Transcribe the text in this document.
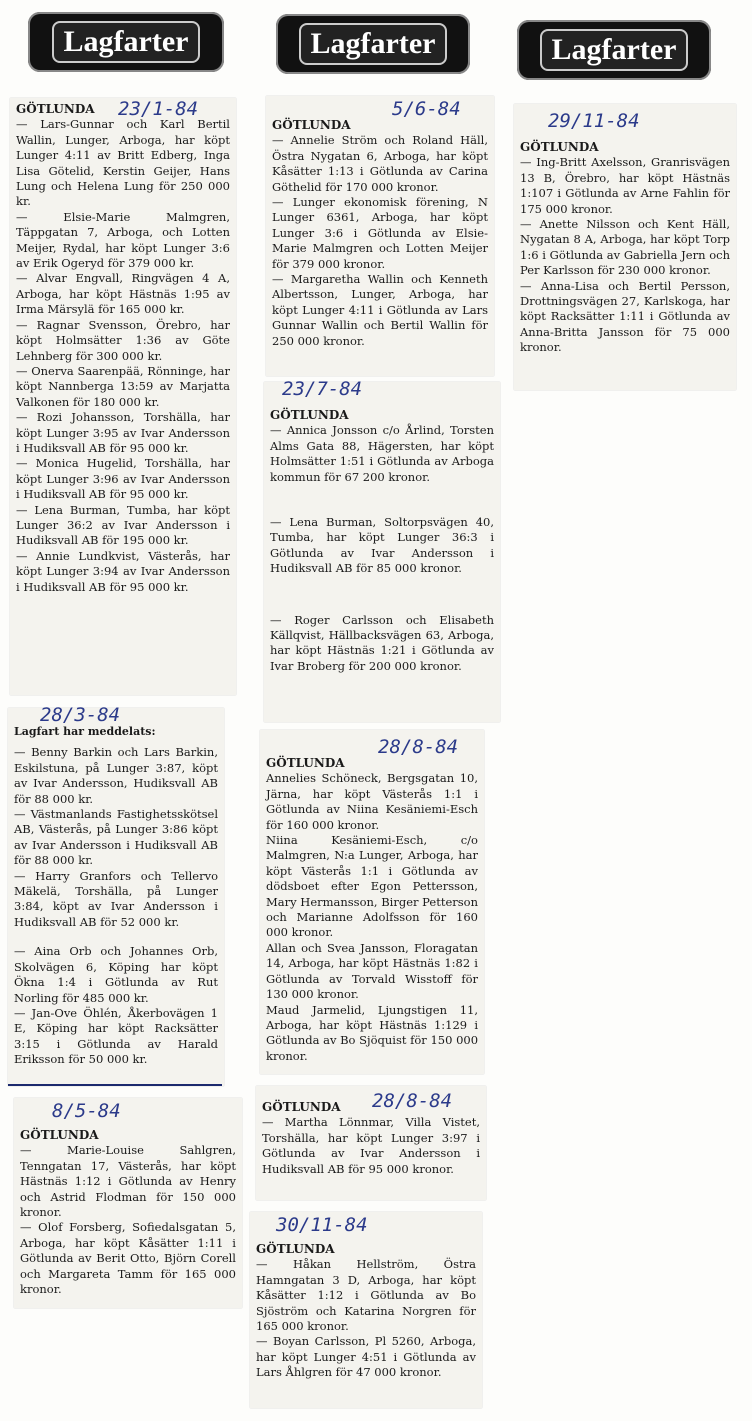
Lagfarter	Lagfarter	Lagfarter
GÖTLUNDA
— Lars-Gunnar och Karl Bertil Wallin, Lunger, Arboga, har köpt Lunger 4:11 av Britt Edberg, Inga Lisa Götelid, Kerstin Geijer, Hans Lung och Helena Lung för 250 000 kr.
— Elsie-Marie Malmgren, Täppgatan 7, Arboga, och Lotten Meijer, Rydal, har köpt Lunger 3:6 av Erik Ogeryd för 379 000 kr.
— Alvar Engvall, Ringvägen 4 A, Arboga, har köpt Hästnäs 1:95 av Irma Märsylä för 165 000 kr.
— Ragnar Svensson, Örebro, har köpt Holmsätter 1:36 av Göte Lehnberg för 300 000 kr.
— Onerva Saarenpää, Rönninge, har köpt Nannberga 13:59 av Marjatta Valkonen för 180 000 kr.
— Rozi Johansson, Torshälla, har köpt Lunger 3:95 av Ivar Andersson i Hudiksvall AB för 95 000 kr.
— Monica Hugelid, Torshälla, har köpt Lunger 3:96 av Ivar Andersson i Hudiksvall AB för 95 000 kr.
— Lena Burman, Tumba, har köpt Lunger 36:2 av Ivar Andersson i Hudiksvall AB för 195 000 kr.
— Annie Lundkvist, Västerås, har köpt Lunger 3:94 av Ivar Andersson i Hudiksvall AB för 95 000 kr.
23/1-84
Lagfart har meddelats:
— Benny Barkin och Lars Barkin, Eskilstuna, på Lunger 3:87, köpt av Ivar Andersson, Hudiksvall AB för 88 000 kr.
— Västmanlands Fastighetsskötsel AB, Västerås, på Lunger 3:86 köpt av Ivar Andersson i Hudiksvall AB för 88 000 kr.
— Harry Granfors och Tellervo Mäkelä, Torshälla, på Lunger 3:84, köpt av Ivar Andersson i Hudiksvall AB för 52 000 kr.
— Aina Orb och Johannes Orb, Skolvägen 6, Köping har köpt Ökna 1:4 i Götlunda av Rut Norling för 485 000 kr.
— Jan-Ove Öhlén, Åkerbovägen 1 E, Köping har köpt Racksätter 3:15 i Götlunda av Harald Eriksson för 50 000 kr.
28/3-84
GÖTLUNDA
— Marie-Louise Sahlgren, Tenngatan 17, Västerås, har köpt Hästnäs 1:12 i Götlunda av Henry och Astrid Flodman för 150 000 kronor.
— Olof Forsberg, Sofiedalsgatan 5, Arboga, har köpt Kåsätter 1:11 i Götlunda av Berit Otto, Björn Corell och Margareta Tamm för 165 000 kronor.
8/5-84
GÖTLUNDA
— Annelie Ström och Roland Häll, Östra Nygatan 6, Arboga, har köpt Kåsätter 1:13 i Götlunda av Carina Göthelid för 170 000 kronor.
— Lunger ekonomisk förening, N Lunger 6361, Arboga, har köpt Lunger 3:6 i Götlunda av Elsie-Marie Malmgren och Lotten Meijer för 379 000 kronor.
— Margaretha Wallin och Kenneth Albertsson, Lunger, Arboga, har köpt Lunger 4:11 i Götlunda av Lars Gunnar Wallin och Bertil Wallin för 250 000 kronor.
5/6-84
GÖTLUNDA
— Annica Jonsson c/o Årlind, Torsten Alms Gata 88, Hägersten, har köpt Holmsätter 1:51 i Götlunda av Arboga kommun för 67 200 kronor.
— Lena Burman, Soltorpsvägen 40, Tumba, har köpt Lunger 36:3 i Götlunda av Ivar Andersson i Hudiksvall AB för 85 000 kronor.
— Roger Carlsson och Elisabeth Källqvist, Hällbacksvägen 63, Arboga, har köpt Hästnäs 1:21 i Götlunda av Ivar Broberg för 200 000 kronor.
23/7-84
GÖTLUNDA
Annelies Schöneck, Bergsgatan 10, Järna, har köpt Västerås 1:1 i Götlunda av Niina Kesäniemi-Esch för 160 000 kronor.
Niina Kesäniemi-Esch, c/o Malmgren, N:a Lunger, Arboga, har köpt Västerås 1:1 i Götlunda av dödsboet efter Egon Pettersson, Mary Hermansson, Birger Petterson och Marianne Adolfsson för 160 000 kronor.
Allan och Svea Jansson, Floragatan 14, Arboga, har köpt Hästnäs 1:82 i Götlunda av Torvald Wisstoff för 130 000 kronor.
Maud Jarmelid, Ljungstigen 11, Arboga, har köpt Hästnäs 1:129 i Götlunda av Bo Sjöquist för 150 000 kronor.
28/8-84
GÖTLUNDA
— Martha Lönnmar, Villa Vistet, Torshälla, har köpt Lunger 3:97 i Götlunda av Ivar Andersson i Hudiksvall AB för 95 000 kronor.
28/8-84
GÖTLUNDA
— Håkan Hellström, Östra Hamngatan 3 D, Arboga, har köpt Kåsätter 1:12 i Götlunda av Bo Sjöström och Katarina Norgren för 165 000 kronor.
— Boyan Carlsson, Pl 5260, Arboga, har köpt Lunger 4:51 i Götlunda av Lars Åhlgren för 47 000 kronor.
30/11-84
GÖTLUNDA
— Ing-Britt Axelsson, Granrisvägen 13 B, Örebro, har köpt Hästnäs 1:107 i Götlunda av Arne Fahlin för 175 000 kronor.
— Anette Nilsson och Kent Häll, Nygatan 8 A, Arboga, har köpt Torp 1:6 i Götlunda av Gabriella Jern och Per Karlsson för 230 000 kronor.
— Anna-Lisa och Bertil Persson, Drottningsvägen 27, Karlskoga, har köpt Racksätter 1:11 i Götlunda av Anna-Britta Jansson för 75 000 kronor.
29/11-84
